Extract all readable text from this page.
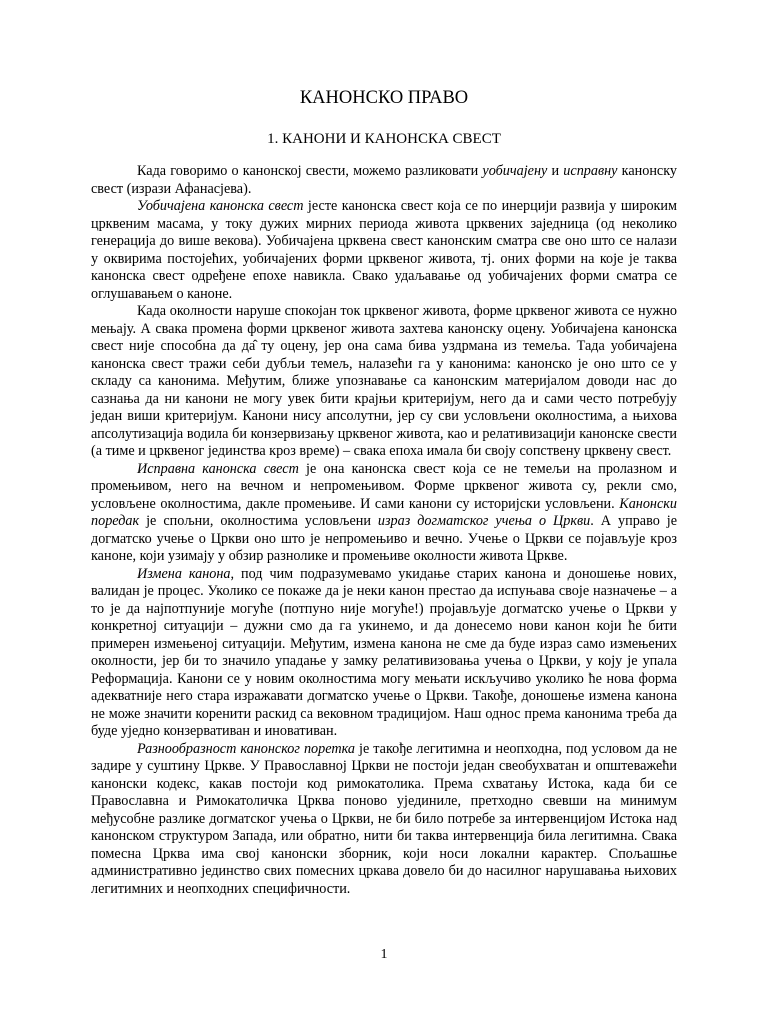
КАНОНСКО ПРАВО
1. КАНОНИ И КАНОНСКА СВЕСТ

Када говоримо о канонској свести, можемо разликовати уобичајену и исправну канонску свест (изрази Афанасјева).

Уобичајена канонска свест јесте канонска свест која се по инерцији развија у широким црквеним масама, у току дужих мирних периода живота црквених заједница (од неколико генерација до више векова). Уобичајена црквена свест канонским сматра све оно што се налази у оквирима постојећих, уобичајених форми црквеног живота, тј. оних форми на које је таква канонска свест одређене епохе навикла. Свако удаљавање од уобичајених форми сматра се оглушавањем о каноне.

Када околности наруше спокојан ток црквеног живота, форме црквеног живота се нужно мењају. А свака промена форми црквеног живота захтева канонску оцену. Уобичајена канонска свест није способна да да̂ ту оцену, јер она сама бива уздрмана из темеља. Тада уобичајена канонска свест тражи себи дубљи темељ, налазећи га у канонима: канонско је оно што се у складу са канонима. Међутим, ближе упознавање са канонским материјалом доводи нас до сазнања да ни канони не могу увек бити крајњи критеријум, него да и сами често потребују један виши критеријум. Канони нису апсолутни, јер су сви условљени околностима, а њихова апсолутизација водила би конзервизању црквеног живота, као и релативизацији канонске свести (а тиме и црквеног јединства кроз време) – свака епоха имала би своју сопствену црквену свест.

Исправна канонска свест је она канонска свест која се не темељи на пролазном и промењивом, него на вечном и непромењивом. Форме црквеног живота су, рекли смо, условљене околностима, дакле промењиве. И сами канони су историјски условљени. Канонски поредак је спољни, околностима условљени израз догматског учења о Цркви. А управо је догматско учење о Цркви оно што је непромењиво и вечно. Учење о Цркви се појављује кроз каноне, који узимају у обзир разнолике и промењиве околности живота Цркве.

Измена канона, под чим подразумевамо укидање старих канона и доношење нових, валидан је процес. Уколико се покаже да је неки канон престао да испуњава своје назначење – а то је да најпотпуније могуће (потпуно није могуће!) пројављује догматско учење о Цркви у конкретној ситуацији – дужни смо да га укинемо, и да донесемо нови канон који ће бити примерен измењеној ситуацији. Међутим, измена канона не сме да буде израз само измењених околности, јер би то значило упадање у замку релативизовања учења о Цркви, у коју је упала Реформација. Канони се у новим околностима могу мењати искључиво уколико ће нова форма адекватније него стара изражавати догматско учење о Цркви. Такође, доношење измена канона не може значити коренити раскид са вековном традицијом. Наш однос према канонима треба да буде уједно конзервативан и иновативан.

Разнообразност канонског поретка је такође легитимна и неопходна, под условом да не задире у суштину Цркве. У Православној Цркви не постоји један свеобухватан и општеважећи канонски кодекс, какав постоји код римокатолика. Према схватању Истока, када би се Православна и Римокатоличка Црква поново ујединиле, претходно свевши на минимум међусобне разлике догматског учења о Цркви, не би било потребе за интервенцијом Истока над канонском структуром Запада, или обратно, нити би таква интервенција била легитимна. Свака помесна Црква има свој канонски зборник, који носи локални карактер. Спољашње административно јединство свих помесних цркава довело би до насилног нарушавања њихових легитимних и неопходних специфичности.

1
